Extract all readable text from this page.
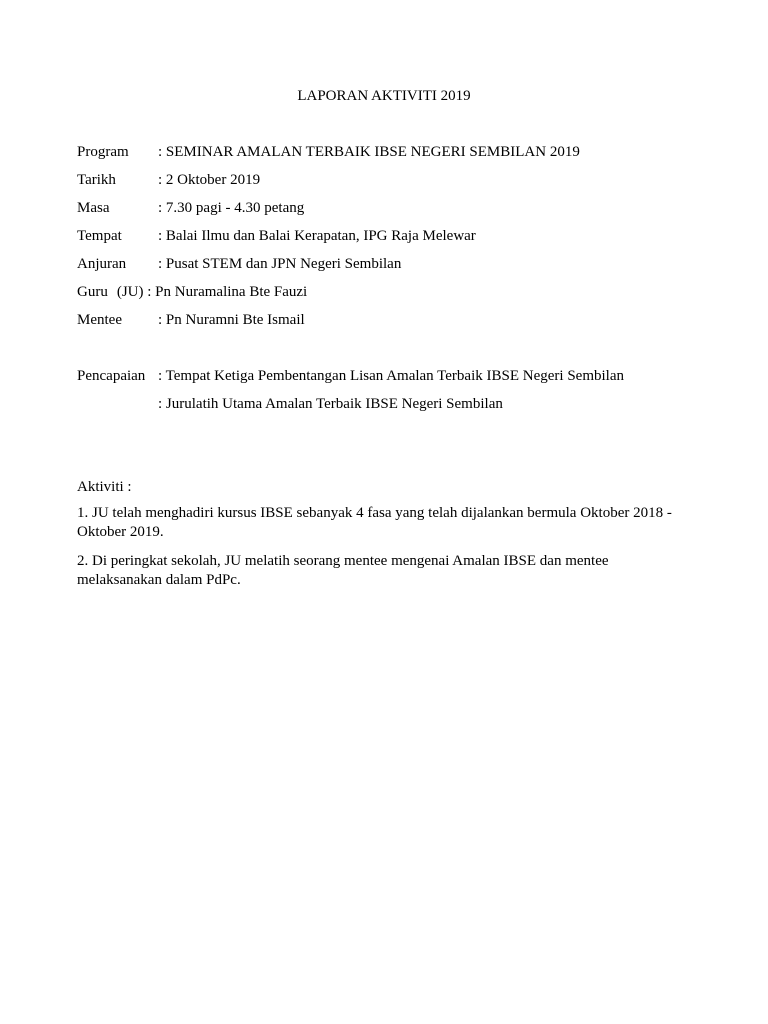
LAPORAN AKTIVITI 2019
Program : SEMINAR AMALAN TERBAIK IBSE NEGERI SEMBILAN 2019
Tarikh	: 2 Oktober 2019
Masa	: 7.30 pagi - 4.30 petang
Tempat : Balai Ilmu dan Balai Kerapatan, IPG Raja Melewar
Anjuran : Pusat STEM dan JPN Negeri Sembilan
Guru (JU) : Pn Nuramalina Bte Fauzi
Mentee : Pn Nuramni Bte Ismail
Pencapaian : Tempat Ketiga Pembentangan Lisan Amalan Terbaik IBSE Negeri Sembilan
: Jurulatih Utama Amalan Terbaik IBSE Negeri Sembilan
Aktiviti :
1. JU telah menghadiri kursus IBSE sebanyak 4 fasa yang telah dijalankan bermula Oktober 2018 - Oktober 2019.
2. Di peringkat sekolah, JU melatih seorang mentee mengenai Amalan IBSE dan mentee melaksanakan dalam PdPc.
